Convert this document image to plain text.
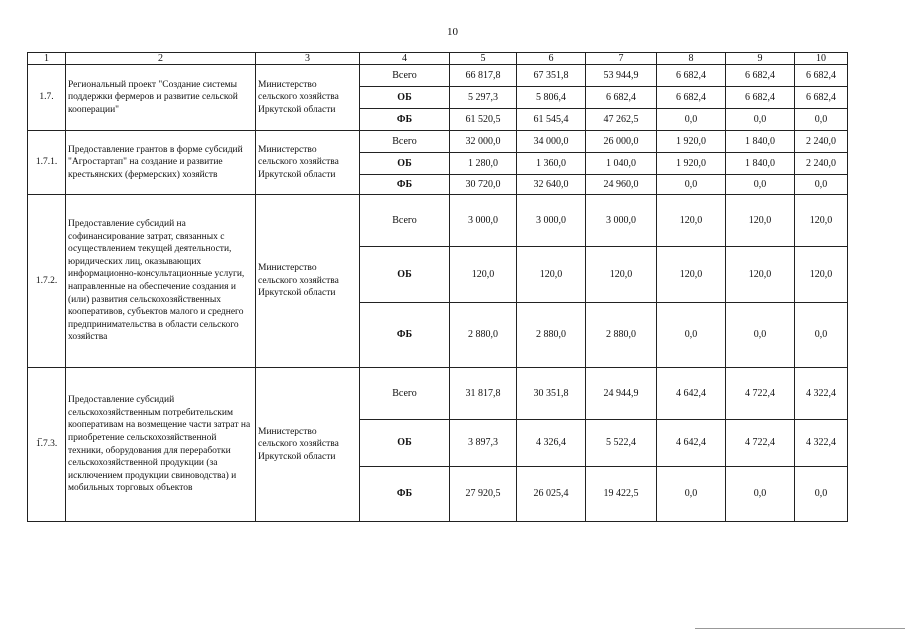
10
1	2	3	4	5	6	7	8	9	10
1.7.	Региональный проект "Создание системы поддержки фермеров и развитие сельской кооперации"	Министерство сельского хозяйства Иркутской области	Всего	66 817,8	67 351,8	53 944,9	6 682,4	6 682,4	6 682,4
			ОБ	5 297,3	5 806,4	6 682,4	6 682,4	6 682,4	6 682,4
			ФБ	61 520,5	61 545,4	47 262,5	0,0	0,0	0,0
1.7.1.	Предоставление грантов в форме субсидий "Агростартап" на создание и развитие крестьянских (фермерских) хозяйств	Министерство сельского хозяйства Иркутской области	Всего	32 000,0	34 000,0	26 000,0	1 920,0	1 840,0	2 240,0
			ОБ	1 280,0	1 360,0	1 040,0	1 920,0	1 840,0	2 240,0
			ФБ	30 720,0	32 640,0	24 960,0	0,0	0,0	0,0
1.7.2.	Предоставление субсидий на софинансирование затрат, связанных с осуществлением текущей деятельности, юридических лиц, оказывающих информационно-консультационные услуги, направленные на обеспечение создания и (или) развития сельскохозяйственных кооперативов, субъектов малого и среднего предпринимательства в области сельского хозяйства	Министерство сельского хозяйства Иркутской области	Всего	3 000,0	3 000,0	3 000,0	120,0	120,0	120,0
			ОБ	120,0	120,0	120,0	120,0	120,0	120,0
			ФБ	2 880,0	2 880,0	2 880,0	0,0	0,0	0,0
1.7.3.	Предоставление субсидий сельскохозяйственным потребительским кооперативам на возмещение части затрат на приобретение сельскохозяйственной техники, оборудования для переработки сельскохозяйственной продукции (за исключением продукции свиноводства) и мобильных торговых объектов	Министерство сельского хозяйства Иркутской области	Всего	31 817,8	30 351,8	24 944,9	4 642,4	4 722,4	4 322,4
			ОБ	3 897,3	4 326,4	5 522,4	4 642,4	4 722,4	4 322,4
			ФБ	27 920,5	26 025,4	19 422,5	0,0	0,0	0,0
